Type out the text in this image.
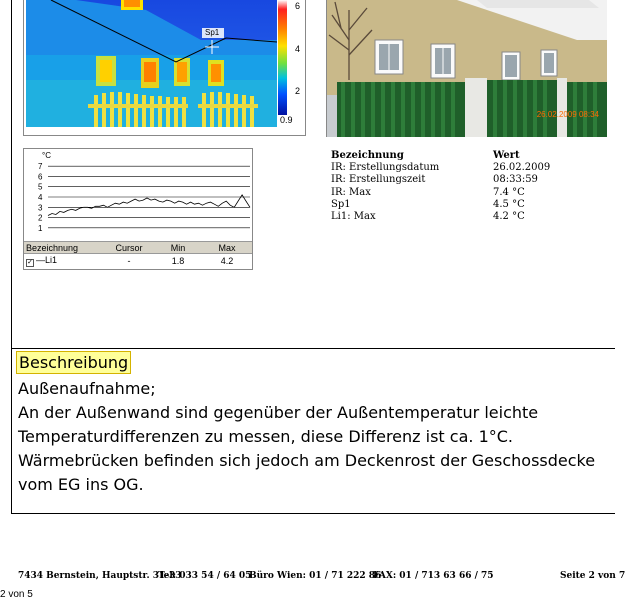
Sp1
6
4
2
0.9
26.02.2009 08:34
°C
7
6
5
4
3
2
1
Bezeichnung	Cursor	Min	Max
✓ —Li1	-	1.8	4.2
Bezeichnung	Wert
IR: Erstellungsdatum	26.02.2009
IR: Erstellungszeit	08:33:59
IR: Max	7.4 °C
Sp1	4.5 °C
Li1: Max	4.2 °C
Beschreibung
Außenaufnahme;
An der Außenwand sind gegenüber der Außentemperatur leichte
Temperaturdifferenzen zu messen, diese Differenz ist ca. 1°C.
Wärmebrücken befinden sich jedoch am Deckenrost der Geschossdecke
vom EG ins OG.
7434 Bernstein, Hauptstr. 31-33
Tel: 033 54 / 64 05
Büro Wien: 01 / 71 222 86
FAX: 01 / 713 63 66 / 75	Seite 2 von 7
2 von 5
